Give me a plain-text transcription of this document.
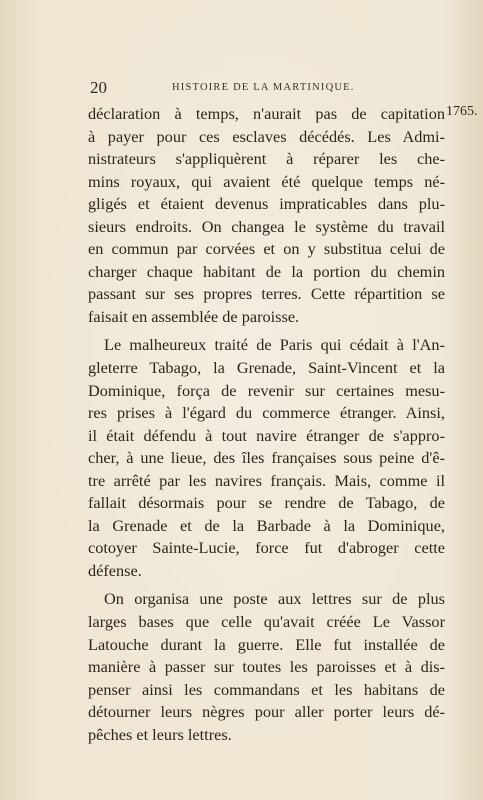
20	HISTOIRE DE LA MARTINIQUE.
1765.
déclaration à temps, n'aurait pas de capitation
à payer pour ces esclaves décédés. Les Admi-
nistrateurs s'appliquèrent à réparer les che-
mins royaux, qui avaient été quelque temps né-
gligés et étaient devenus impraticables dans plu-
sieurs endroits. On changea le système du travail
en commun par corvées et on y substitua celui de
charger chaque habitant de la portion du chemin
passant sur ses propres terres. Cette répartition se
faisait en assemblée de paroisse.
Le malheureux traité de Paris qui cédait à l'An-
gleterre Tabago, la Grenade, Saint-Vincent et la
Dominique, força de revenir sur certaines mesu-
res prises à l'égard du commerce étranger. Ainsi,
il était défendu à tout navire étranger de s'appro-
cher, à une lieue, des îles françaises sous peine d'ê-
tre arrêté par les navires français. Mais, comme il
fallait désormais pour se rendre de Tabago, de
la Grenade et de la Barbade à la Dominique,
cotoyer Sainte-Lucie, force fut d'abroger cette
défense.
On organisa une poste aux lettres sur de plus
larges bases que celle qu'avait créée Le Vassor
Latouche durant la guerre. Elle fut installée de
manière à passer sur toutes les paroisses et à dis-
penser ainsi les commandans et les habitans de
détourner leurs nègres pour aller porter leurs dé-
pêches et leurs lettres.
